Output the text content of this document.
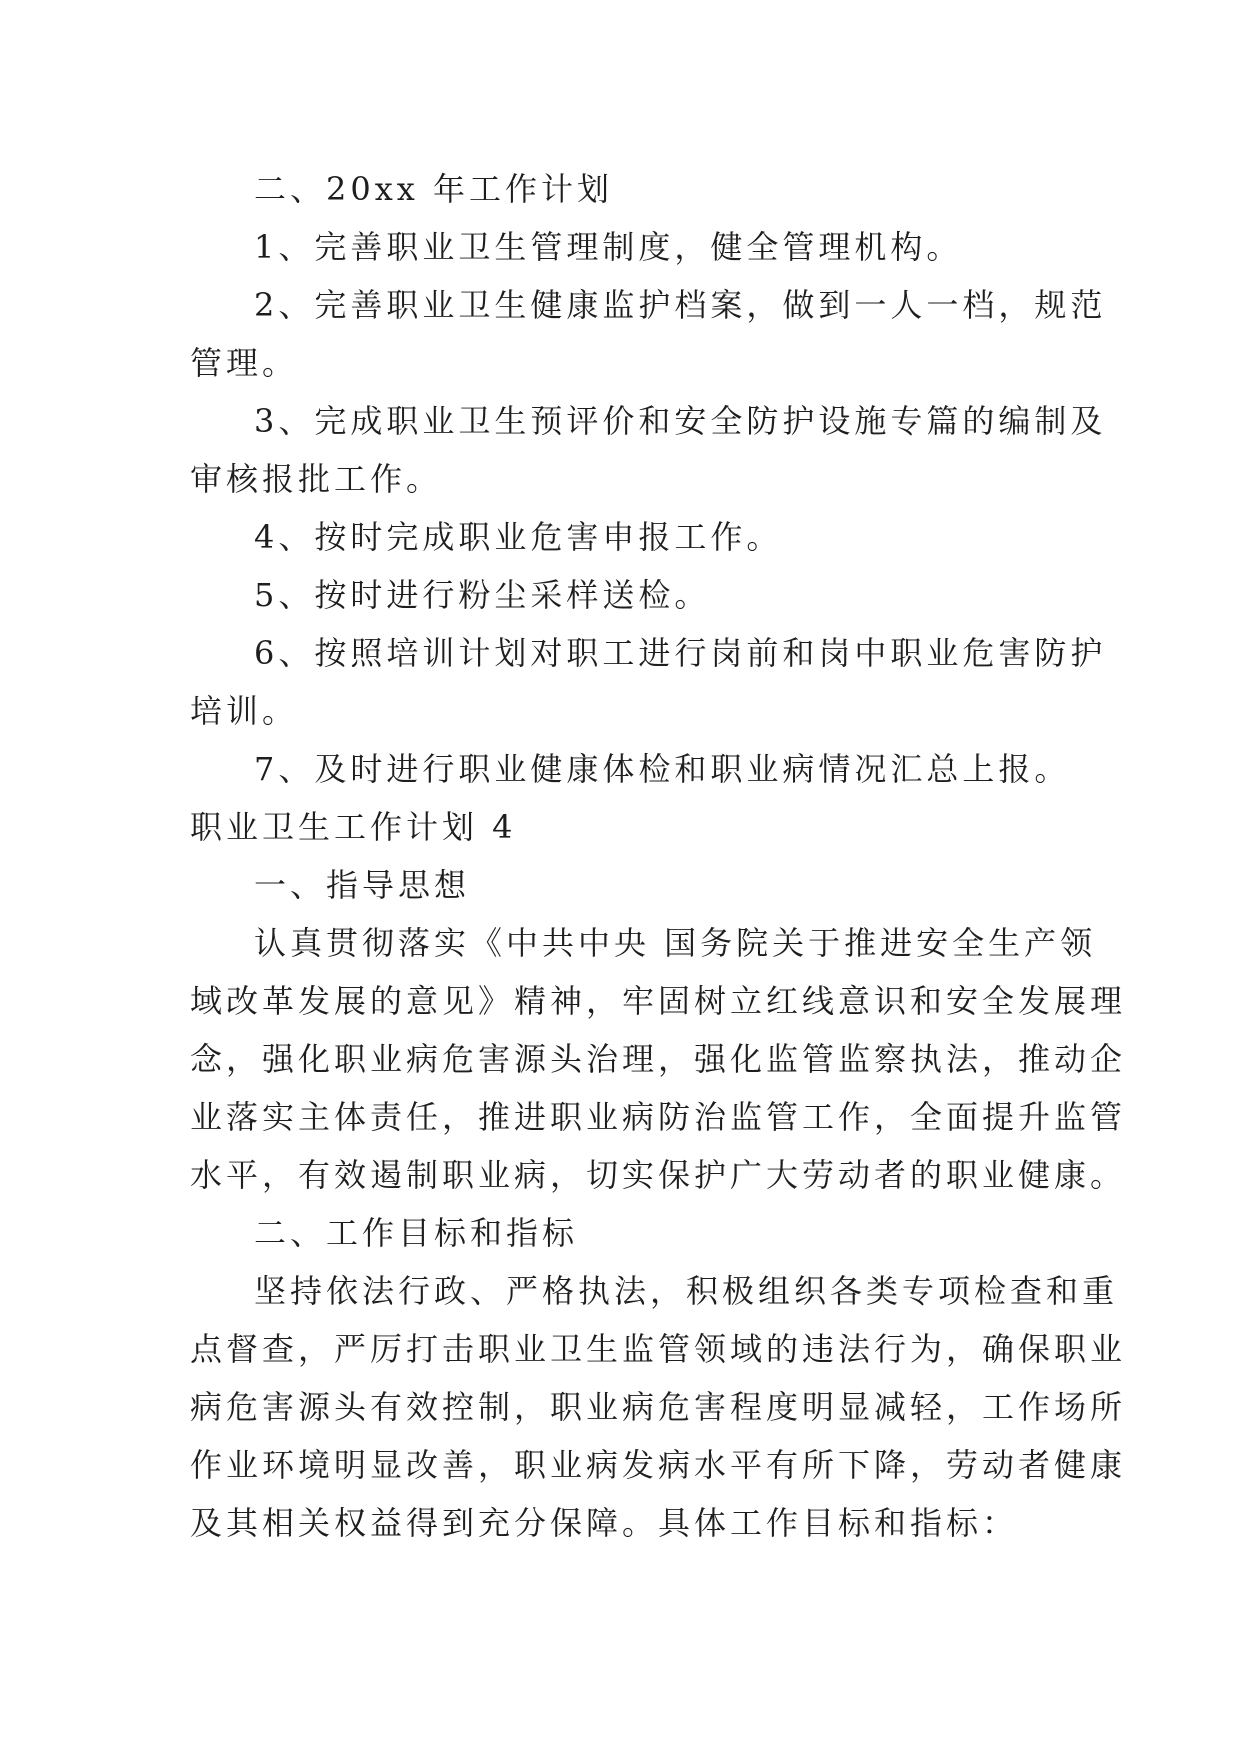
二、20xx 年工作计划

1、完善职业卫生管理制度，健全管理机构。

2、完善职业卫生健康监护档案，做到一人一档，规范

管理。

3、完成职业卫生预评价和安全防护设施专篇的编制及

审核报批工作。

4、按时完成职业危害申报工作。

5、按时进行粉尘采样送检。

6、按照培训计划对职工进行岗前和岗中职业危害防护

培训。

7、及时进行职业健康体检和职业病情况汇总上报。

职业卫生工作计划 4

一、指导思想

认真贯彻落实《中共中央 国务院关于推进安全生产领

域改革发展的意见》精神，牢固树立红线意识和安全发展理

念，强化职业病危害源头治理，强化监管监察执法，推动企

业落实主体责任，推进职业病防治监管工作，全面提升监管

水平，有效遏制职业病，切实保护广大劳动者的职业健康。

二、工作目标和指标

坚持依法行政、严格执法，积极组织各类专项检查和重

点督查，严厉打击职业卫生监管领域的违法行为，确保职业

病危害源头有效控制，职业病危害程度明显减轻，工作场所

作业环境明显改善，职业病发病水平有所下降，劳动者健康

及其相关权益得到充分保障。具体工作目标和指标：
